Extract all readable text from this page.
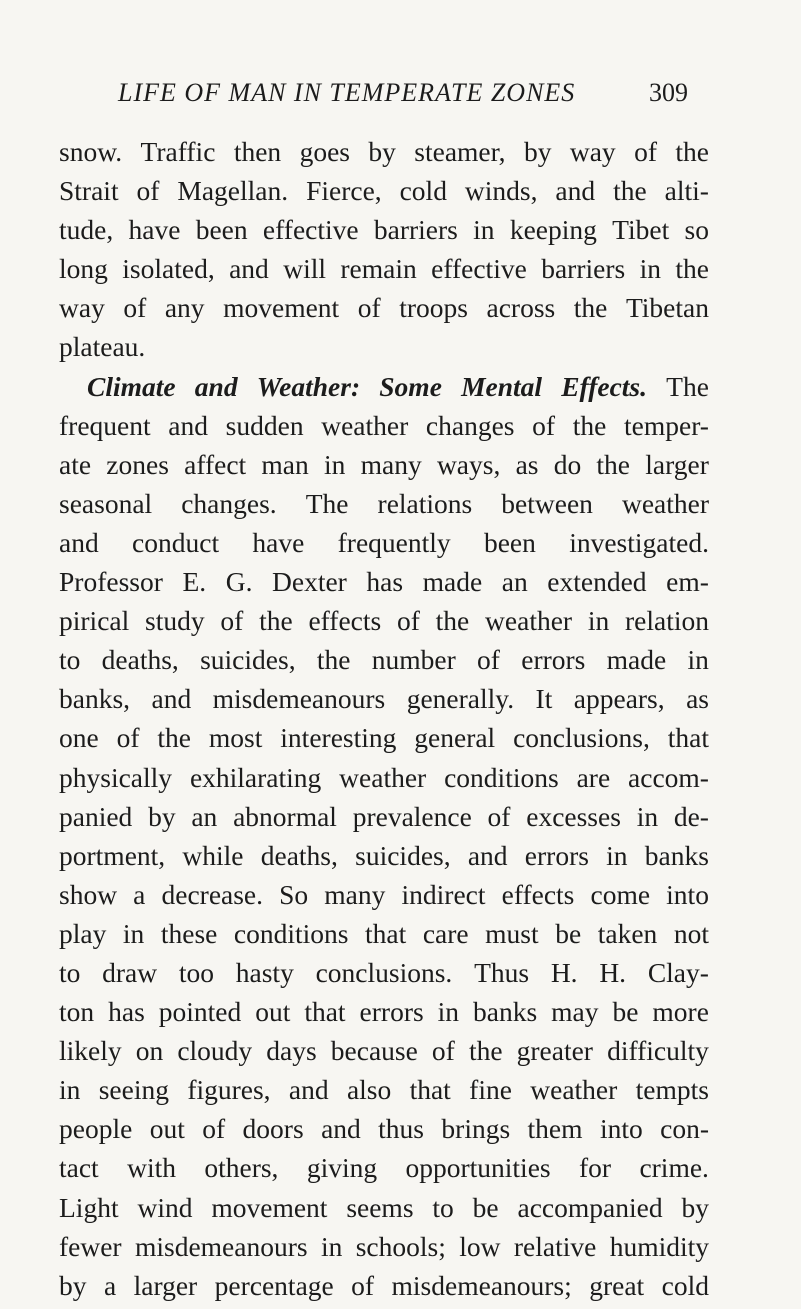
LIFE OF MAN IN TEMPERATE ZONES	309
snow. Traffic then goes by steamer, by way of the
Strait of Magellan. Fierce, cold winds, and the alti-
tude, have been effective barriers in keeping Tibet so
long isolated, and will remain effective barriers in the
way of any movement of troops across the Tibetan
plateau.
Climate and Weather: Some Mental Effects. The
frequent and sudden weather changes of the temper-
ate zones affect man in many ways, as do the larger
seasonal changes. The relations between weather
and conduct have frequently been investigated.
Professor E. G. Dexter has made an extended em-
pirical study of the effects of the weather in relation
to deaths, suicides, the number of errors made in
banks, and misdemeanours generally. It appears, as
one of the most interesting general conclusions, that
physically exhilarating weather conditions are accom-
panied by an abnormal prevalence of excesses in de-
portment, while deaths, suicides, and errors in banks
show a decrease. So many indirect effects come into
play in these conditions that care must be taken not
to draw too hasty conclusions. Thus H. H. Clay-
ton has pointed out that errors in banks may be more
likely on cloudy days because of the greater difficulty
in seeing figures, and also that fine weather tempts
people out of doors and thus brings them into con-
tact with others, giving opportunities for crime.
Light wind movement seems to be accompanied by
fewer misdemeanours in schools; low relative humidity
by a larger percentage of misdemeanours; great cold
